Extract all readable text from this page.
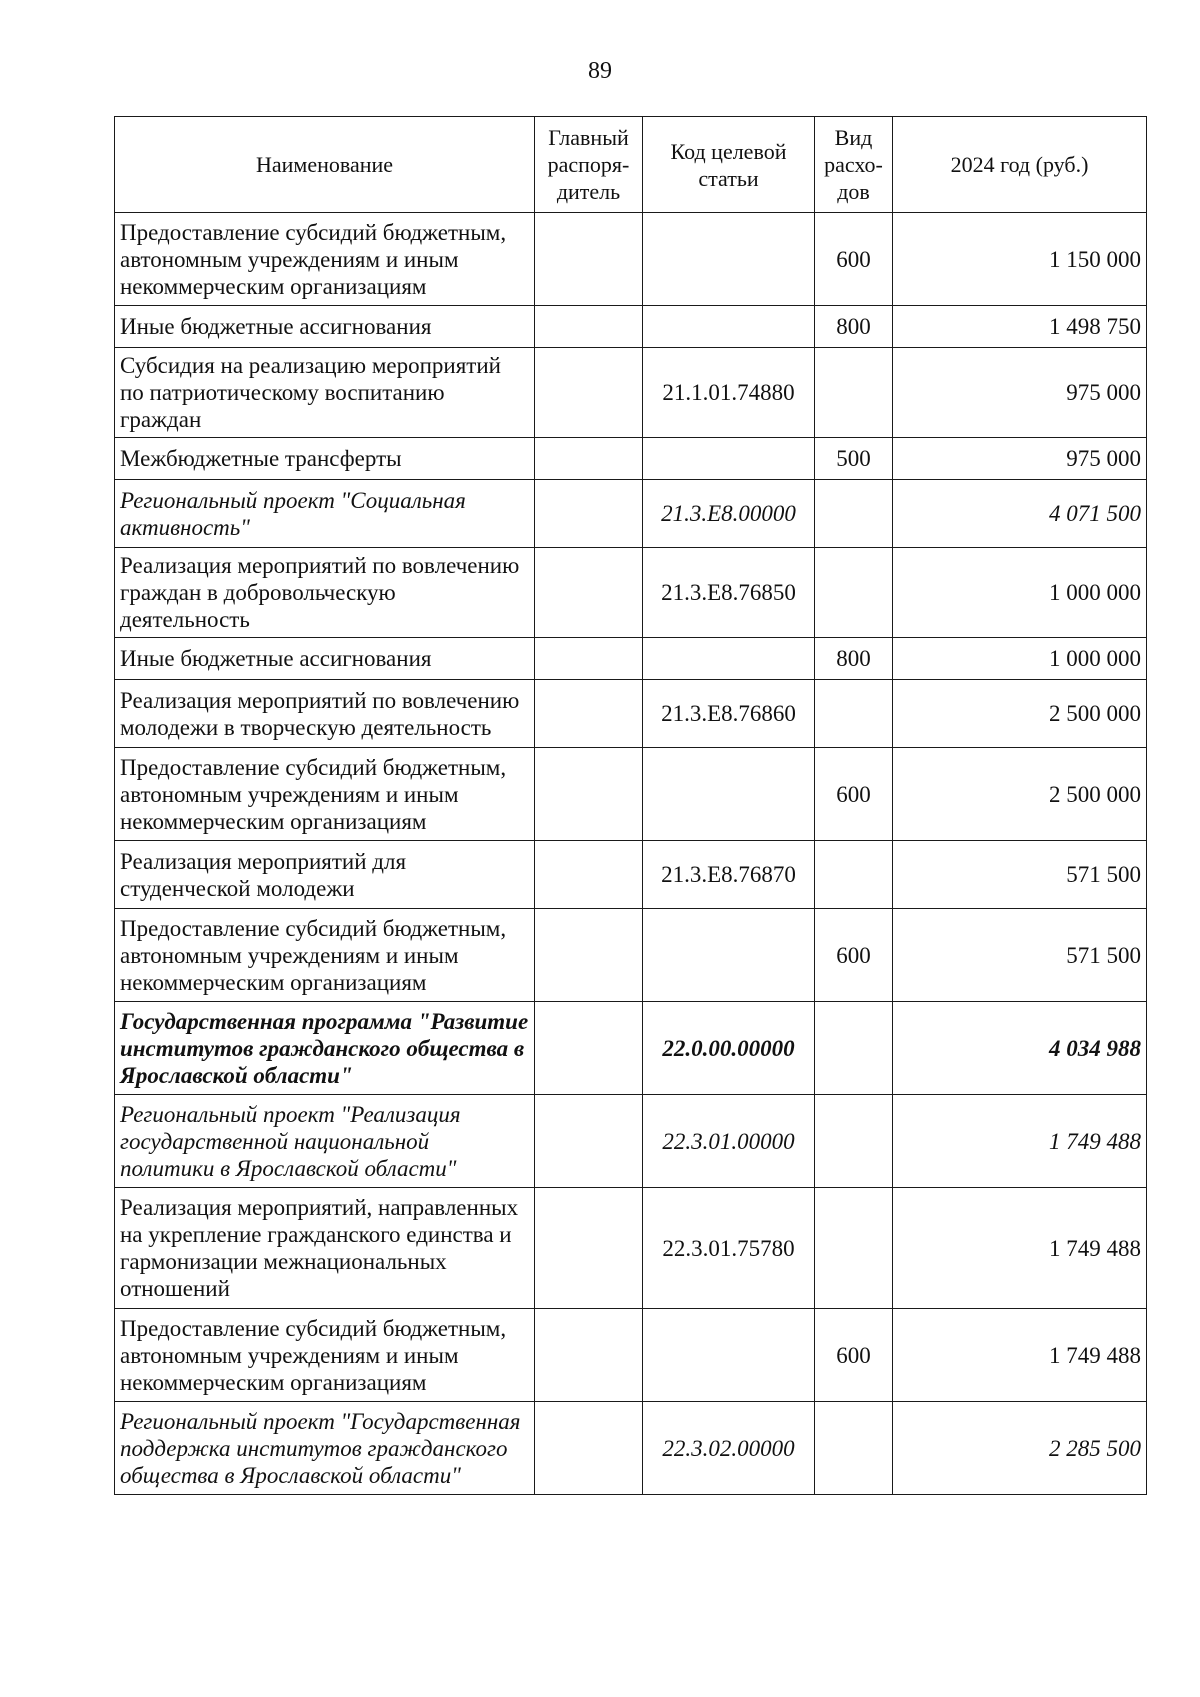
89
Наименование	Главный распоря-дитель	Код целевой статьи	Вид расхо-дов	2024 год (руб.)
Предоставление субсидий бюджетным, автономным учреждениям и иным некоммерческим организациям			600	1 150 000
Иные бюджетные ассигнования			800	1 498 750
Субсидия на реализацию мероприятий по патриотическому воспитанию граждан		21.1.01.74880		975 000
Межбюджетные трансферты			500	975 000
Региональный проект "Социальная активность"		21.3.Е8.00000		4 071 500
Реализация мероприятий по вовлечению граждан в добровольческую деятельность		21.3.Е8.76850		1 000 000
Иные бюджетные ассигнования			800	1 000 000
Реализация мероприятий по вовлечению молодежи в творческую деятельность		21.3.Е8.76860		2 500 000
Предоставление субсидий бюджетным, автономным учреждениям и иным некоммерческим организациям			600	2 500 000
Реализация мероприятий для студенческой молодежи		21.3.Е8.76870		571 500
Предоставление субсидий бюджетным, автономным учреждениям и иным некоммерческим организациям			600	571 500
Государственная программа "Развитие институтов гражданского общества в Ярославской области"		22.0.00.00000		4 034 988
Региональный проект "Реализация государственной национальной политики в Ярославской области"		22.3.01.00000		1 749 488
Реализация мероприятий, направленных на укрепление гражданского единства и гармонизации межнациональных отношений		22.3.01.75780		1 749 488
Предоставление субсидий бюджетным, автономным учреждениям и иным некоммерческим организациям			600	1 749 488
Региональный проект "Государственная поддержка институтов гражданского общества в Ярославской области"		22.3.02.00000		2 285 500
